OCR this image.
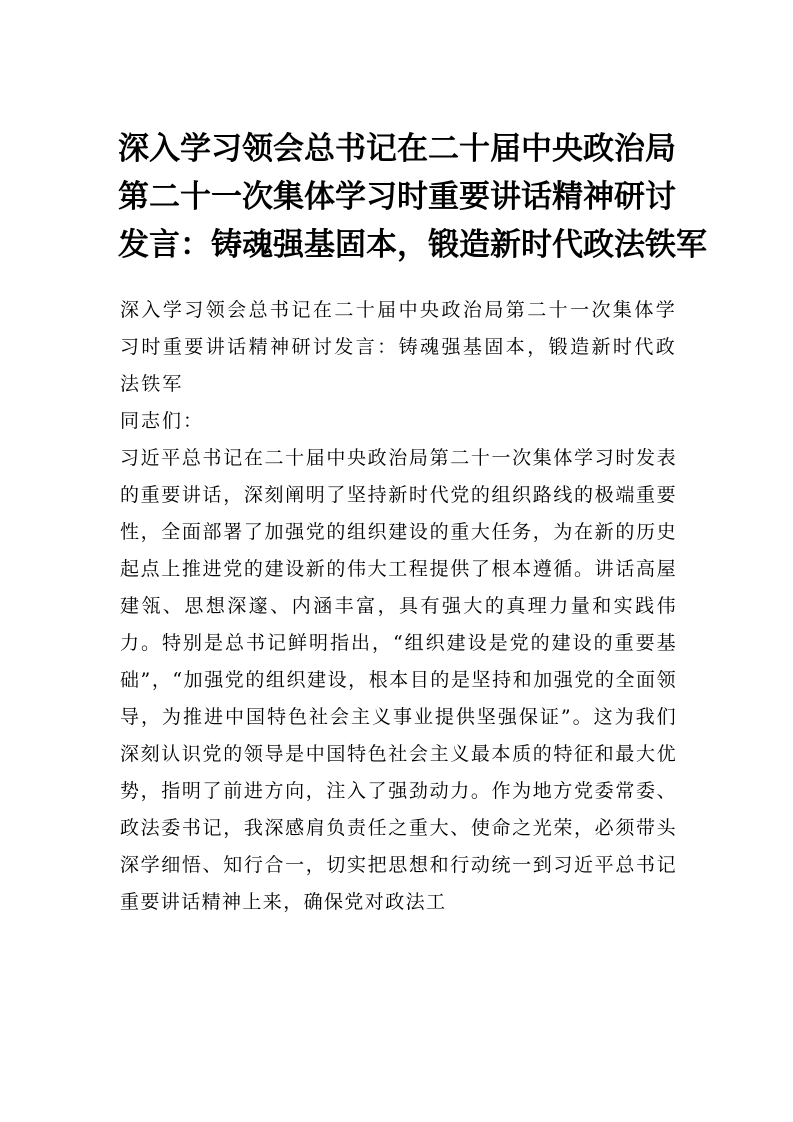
深入学习领会总书记在二十届中央政治局
第二十一次集体学习时重要讲话精神研讨
发言：铸魂强基固本，锻造新时代政法铁军

深入学习领会总书记在二十届中央政治局第二十一次集体学习时重要讲话精神研讨发言：铸魂强基固本，锻造新时代政法铁军

同志们：

习近平总书记在二十届中央政治局第二十一次集体学习时发表的重要讲话，深刻阐明了坚持新时代党的组织路线的极端重要性，全面部署了加强党的组织建设的重大任务，为在新的历史起点上推进党的建设新的伟大工程提供了根本遵循。讲话高屋建瓴、思想深邃、内涵丰富，具有强大的真理力量和实践伟力。特别是总书记鲜明指出，“组织建设是党的建设的重要基础”，“加强党的组织建设，根本目的是坚持和加强党的全面领导，为推进中国特色社会主义事业提供坚强保证”。这为我们深刻认识党的领导是中国特色社会主义最本质的特征和最大优势，指明了前进方向，注入了强劲动力。作为地方党委常委、政法委书记，我深感肩负责任之重大、使命之光荣，必须带头深学细悟、知行合一，切实把思想和行动统一到习近平总书记重要讲话精神上来，确保党对政法工
